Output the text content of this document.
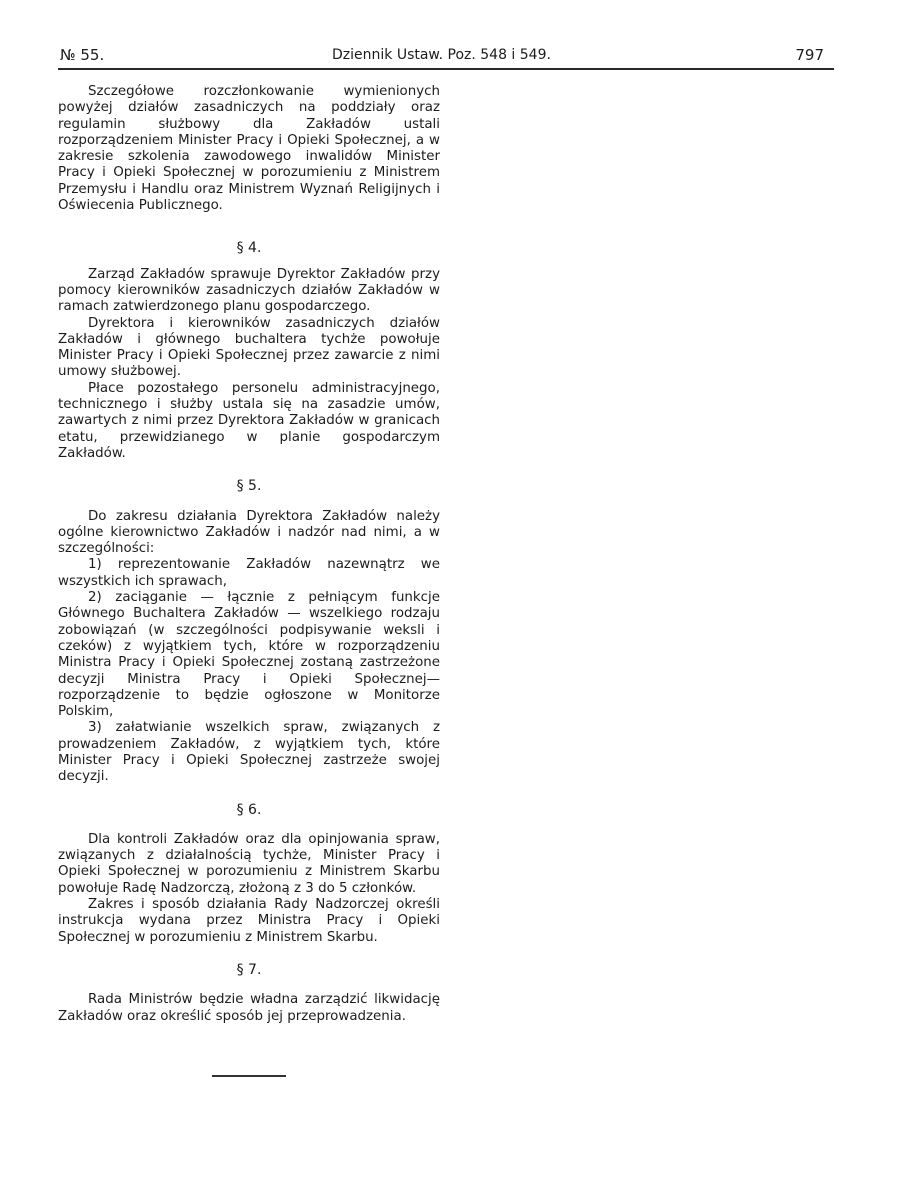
№ 55.	Dziennik Ustaw. Poz. 548 i 549.	797

Szczegółowe rozczłonkowanie wymienionych powyżej działów zasadniczych na poddziały oraz regulamin służbowy dla Zakładów ustali rozporządzeniem Minister Pracy i Opieki Społecznej, a w zakresie szkolenia zawodowego inwalidów Minister Pracy i Opieki Społecznej w porozumieniu z Ministrem Przemysłu i Handlu oraz Ministrem Wyznań Religijnych i Oświecenia Publicznego.

§ 4.

Zarząd Zakładów sprawuje Dyrektor Zakładów przy pomocy kierowników zasadniczych działów Zakładów w ramach zatwierdzonego planu gospodarczego.

Dyrektora i kierowników zasadniczych działów Zakładów i głównego buchaltera tychże powołuje Minister Pracy i Opieki Społecznej przez zawarcie z nimi umowy służbowej.

Płace pozostałego personelu administracyjnego, technicznego i służby ustala się na zasadzie umów, zawartych z nimi przez Dyrektora Zakładów w granicach etatu, przewidzianego w planie gospodarczym Zakładów.

§ 5.

Do zakresu działania Dyrektora Zakładów należy ogólne kierownictwo Zakładów i nadzór nad nimi, a w szczególności:

1) reprezentowanie Zakładów nazewnątrz we wszystkich ich sprawach,

2) zaciąganie — łącznie z pełniącym funkcje Głównego Buchaltera Zakładów — wszelkiego rodzaju zobowiązań (w szczególności podpisywanie weksli i czeków) z wyjątkiem tych, które w rozporządzeniu Ministra Pracy i Opieki Społecznej zostaną zastrzeżone decyzji Ministra Pracy i Opieki Społecznej— rozporządzenie to będzie ogłoszone w Monitorze Polskim,

3) załatwianie wszelkich spraw, związanych z prowadzeniem Zakładów, z wyjątkiem tych, które Minister Pracy i Opieki Społecznej zastrzeże swojej decyzji.

§ 6.

Dla kontroli Zakładów oraz dla opinjowania spraw, związanych z działalnością tychże, Minister Pracy i Opieki Społecznej w porozumieniu z Ministrem Skarbu powołuje Radę Nadzorczą, złożoną z 3 do 5 członków.

Zakres i sposób działania Rady Nadzorczej określi instrukcja wydana przez Ministra Pracy i Opieki Społecznej w porozumieniu z Ministrem Skarbu.

§ 7.

Rada Ministrów będzie władna zarządzić likwidację Zakładów oraz określić sposób jej przeprowadzenia.
